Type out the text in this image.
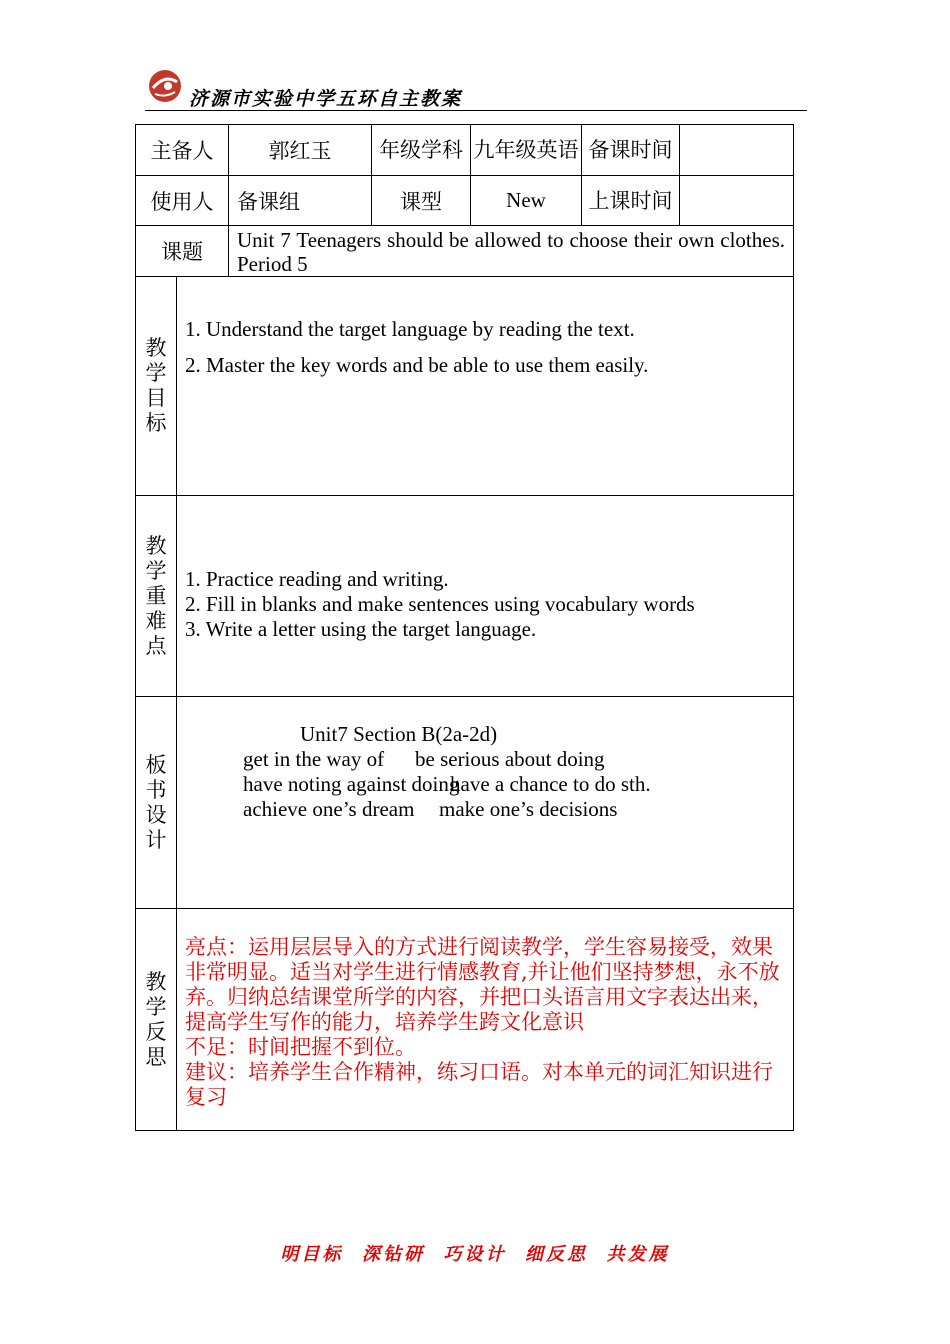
济源市实验中学五环自主教案
主备人		郭红玉	年级学科	九年级英语	备课时间	
使用人		备课组	课型	New	上课时间	
课题		Unit 7 Teenagers should be allowed to choose their own clothes. Period 5				

教学目标	1. Understand the target language by reading the text.
2. Master the key words and be able to use them easily.					

教学重难点	1. Practice reading and writing.
2. Fill in blanks and make sentences using vocabulary words
3. Write a letter using the target language.					

板书设计	Unit7 Section B(2a-2d)
get in the way of be serious about doing
have noting against doinghave a chance to do sth.
achieve one’s dream make one’s decisions					

教学反思	亮点：运用层层导入的方式进行阅读教学，学生容易接受，效果非常明显。适当对学生进行情感教育,并让他们坚持梦想，永不放弃。归纳总结课堂所学的内容，并把口头语言用文字表达出来，提高学生写作的能力，培养学生跨文化意识
不足：时间把握不到位。
建议：培养学生合作精神，练习口语。对本单元的词汇知识进行复习					
明目标  深钻研  巧设计  细反思  共发展
